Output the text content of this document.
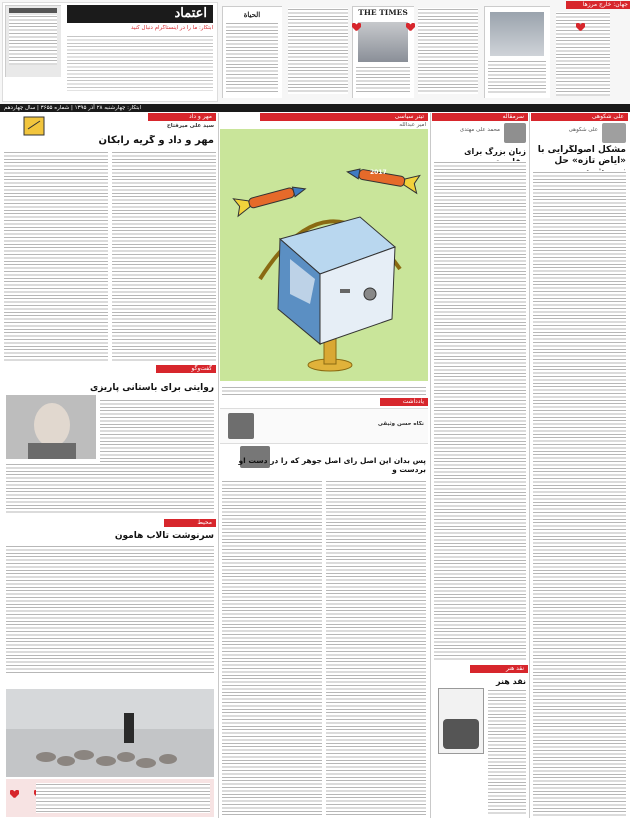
اعتماد
ابتکار: ما را در اینستاگرام دنبال کنید
الحياة	THE TIMES
جهان: خارج مرزها

ابتکار: چهارشنبه ۲۸ آذر ۱۳۹۵ | شماره ۳۶۵۵ | سال چهاردهم
علی شکوهی
علی شکوهی
مشکل اصولگرایی با «ایاض تازه» حل
سرمقاله
محمد علی مهتدی
زبان بزرگ برای
نقد هنر
نقد هنر
تیتر سیاسی
امیر عبدالله
2017
یادداشت
نگاه حسن وثیقی
پس بدان این اصل رای اصل جوهر که را در دست او بردست و
مهر و داد
سید علی میرفتاح
مهر و داد و گریه رابکان
گفت‌وگو
روایتی برای باستانی پاریزی
محیط
سرنوشت تالاب هامون
